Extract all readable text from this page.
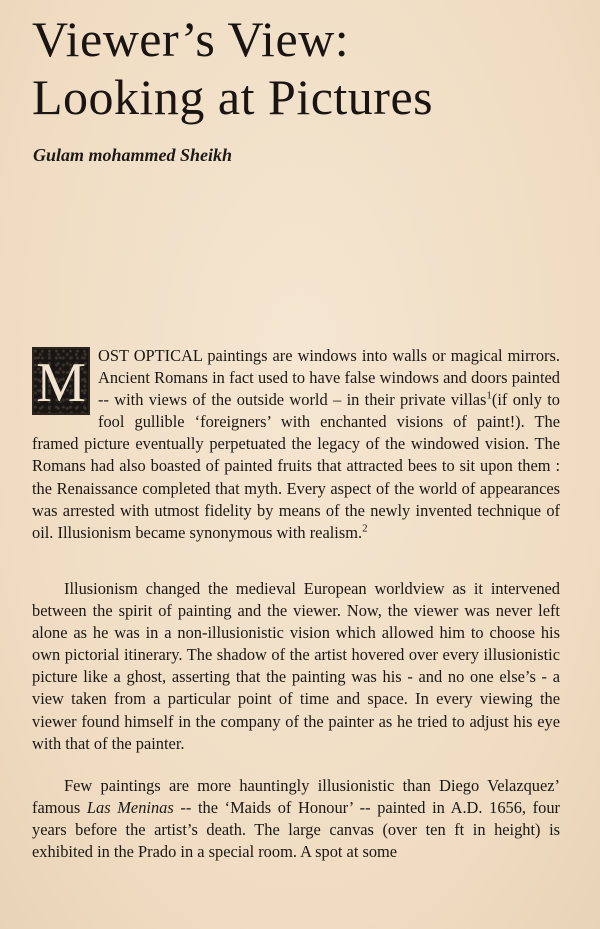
Viewer’s View:
Looking at Pictures

Gulam mohammed Sheikh

M OST OPTICAL paintings are windows into walls or magical mirrors. Ancient Romans in fact used to have false windows and doors painted -- with views of the outside world – in their private villas$^1$(if only to fool gullible ‘foreigners’ with enchanted visions of paint!). The framed picture eventually perpetuated the legacy of the windowed vision. The Romans had also boasted of painted fruits that attracted bees to sit upon them : the Renaissance completed that myth. Every aspect of the world of appearances was arrested with utmost fidelity by means of the newly invented technique of oil. Illusionism became synonymous with realism.$^2$

Illusionism changed the medieval European worldview as it intervened between the spirit of painting and the viewer. Now, the viewer was never left alone as he was in a non-illusionistic vision which allowed him to choose his own pictorial itinerary. The shadow of the artist hovered over every illusionistic picture like a ghost, asserting that the painting was his - and no one else’s - a view taken from a particular point of time and space. In every viewing the viewer found himself in the company of the painter as he tried to adjust his eye with that of the painter.

Few paintings are more hauntingly illusionistic than Diego Velazquez’ famous Las Meninas -- the ‘Maids of Honour’ -- painted in A.D. 1656, four years before the artist’s death. The large canvas (over ten ft in height) is exhibited in the Prado in a special room. A spot at some
